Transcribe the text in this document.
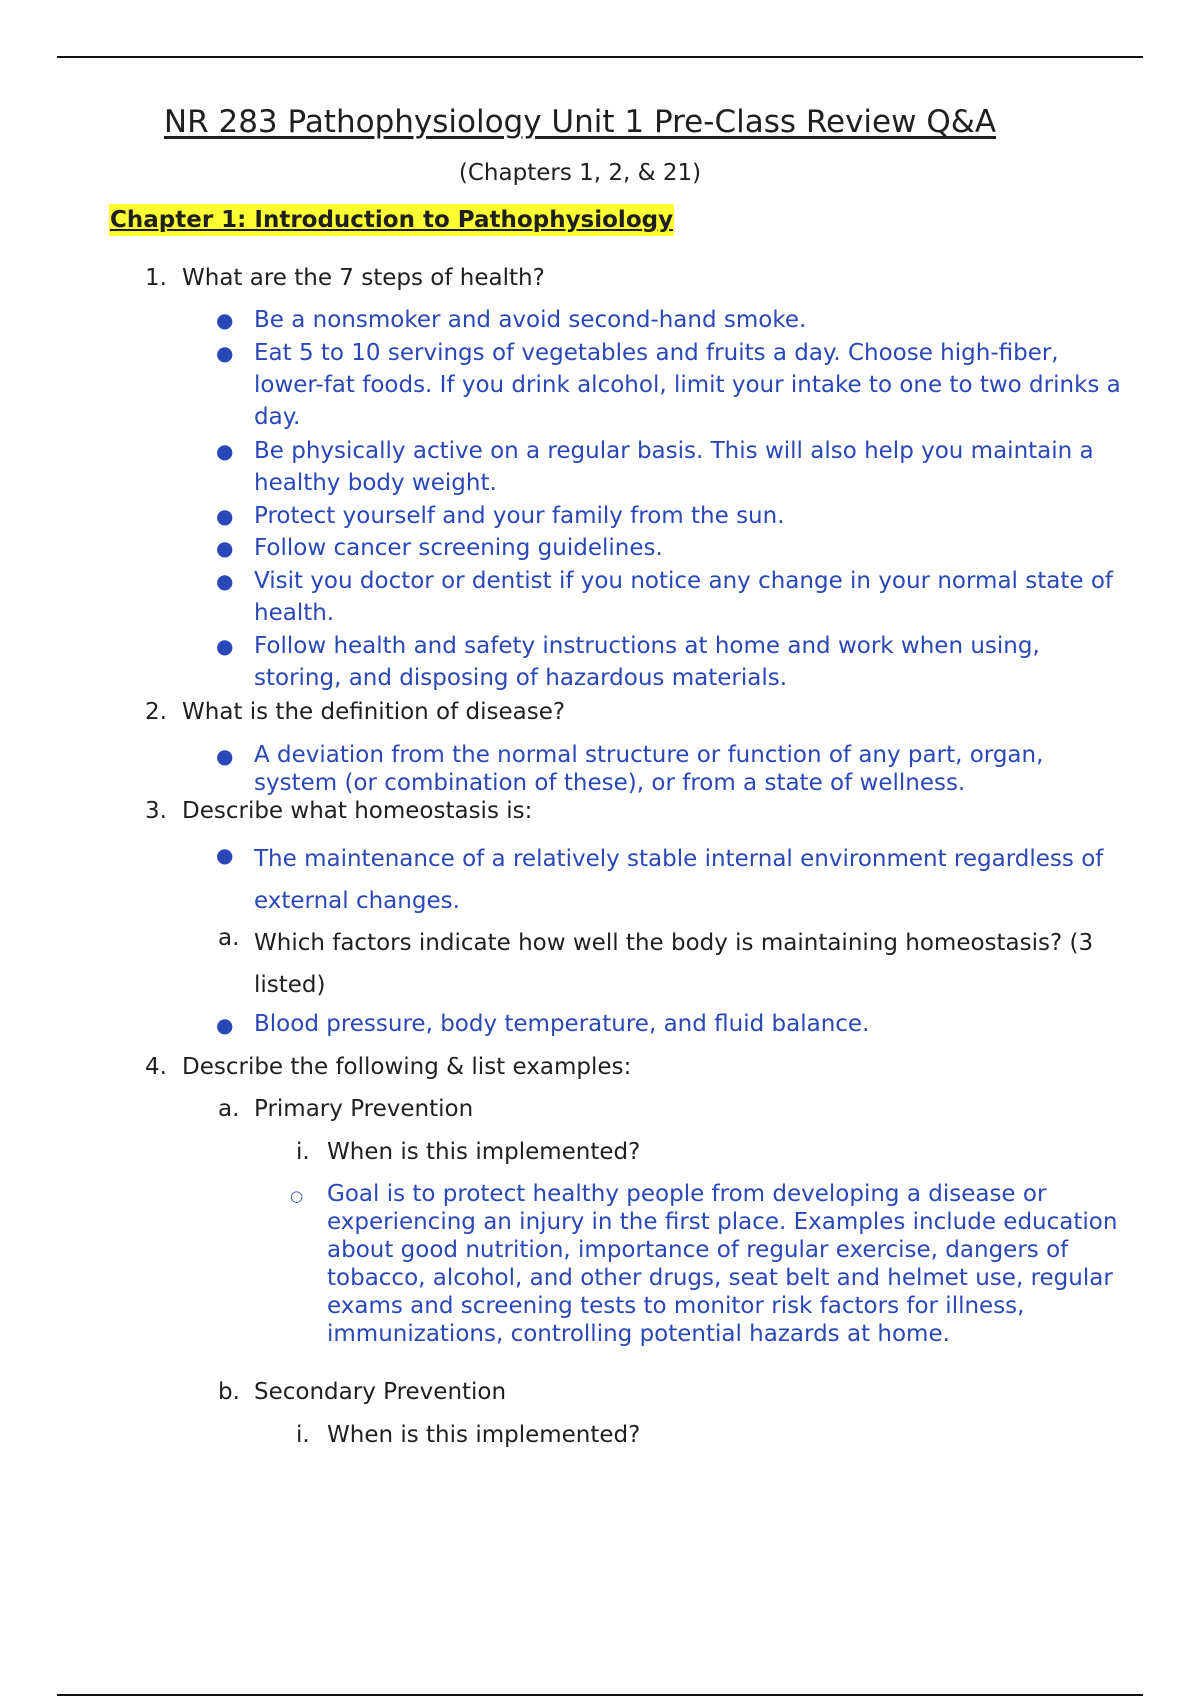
NR 283 Pathophysiology Unit 1 Pre-Class Review Q&A
(Chapters 1, 2, & 21)
Chapter 1: Introduction to Pathophysiology
1. What are the 7 steps of health?
● Be a nonsmoker and avoid second-hand smoke.
● Eat 5 to 10 servings of vegetables and fruits a day. Choose high-fiber, lower-fat foods. If you drink alcohol, limit your intake to one to two drinks a day.
● Be physically active on a regular basis. This will also help you maintain a healthy body weight.
● Protect yourself and your family from the sun.
● Follow cancer screening guidelines.
● Visit you doctor or dentist if you notice any change in your normal state of health.
● Follow health and safety instructions at home and work when using, storing, and disposing of hazardous materials.
2. What is the definition of disease?
● A deviation from the normal structure or function of any part, organ, system (or combination of these), or from a state of wellness.
3. Describe what homeostasis is:
● The maintenance of a relatively stable internal environment regardless of external changes.
a. Which factors indicate how well the body is maintaining homeostasis? (3 listed)
● Blood pressure, body temperature, and fluid balance.
4. Describe the following & list examples:
a. Primary Prevention
i. When is this implemented?
○ Goal is to protect healthy people from developing a disease or experiencing an injury in the first place. Examples include education about good nutrition, importance of regular exercise, dangers of tobacco, alcohol, and other drugs, seat belt and helmet use, regular exams and screening tests to monitor risk factors for illness, immunizations, controlling potential hazards at home.
b. Secondary Prevention
i. When is this implemented?
